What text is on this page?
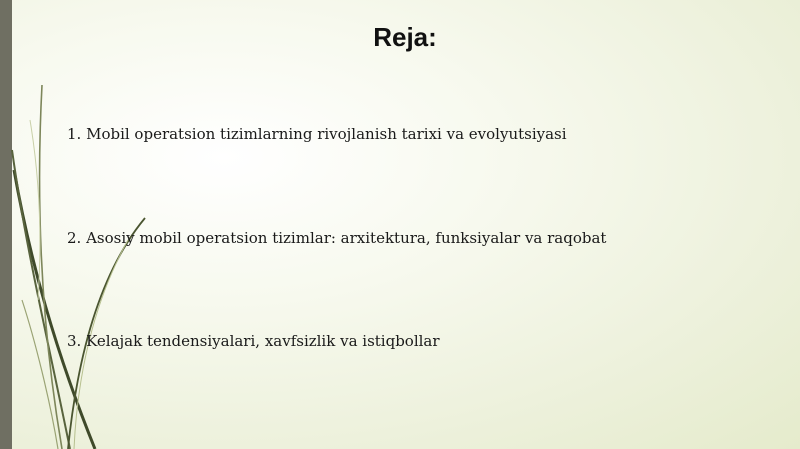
Reja:
1. Mobil operatsion tizimlarning rivojlanish tarixi va evolyutsiyasi
2. Asosiy mobil operatsion tizimlar: arxitektura, funksiyalar va raqobat
3. Kelajak tendensiyalari, xavfsizlik va istiqbollar
